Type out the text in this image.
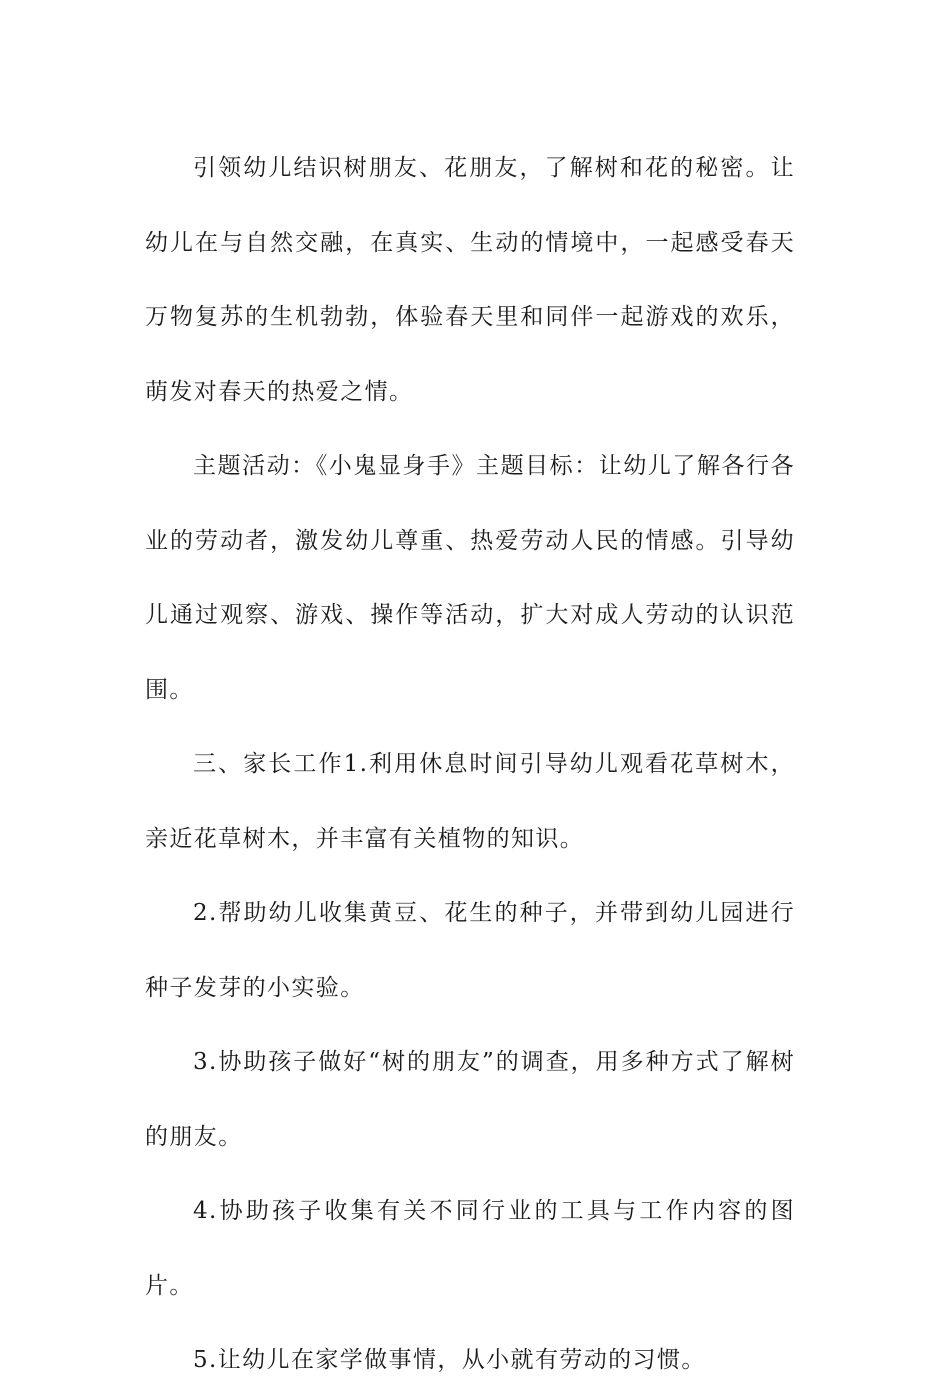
引领幼儿结识树朋友、花朋友，了解树和花的秘密。让幼儿在与自然交融，在真实、生动的情境中，一起感受春天万物复苏的生机勃勃，体验春天里和同伴一起游戏的欢乐，萌发对春天的热爱之情。

主题活动：《小鬼显身手》主题目标：让幼儿了解各行各业的劳动者，激发幼儿尊重、热爱劳动人民的情感。引导幼儿通过观察、游戏、操作等活动，扩大对成人劳动的认识范围。

三、家长工作1.利用休息时间引导幼儿观看花草树木，亲近花草树木，并丰富有关植物的知识。

2.帮助幼儿收集黄豆、花生的种子，并带到幼儿园进行种子发芽的小实验。

3.协助孩子做好“树的朋友”的调查，用多种方式了解树的朋友。

4.协助孩子收集有关不同行业的工具与工作内容的图片。

5.让幼儿在家学做事情，从小就有劳动的习惯。
